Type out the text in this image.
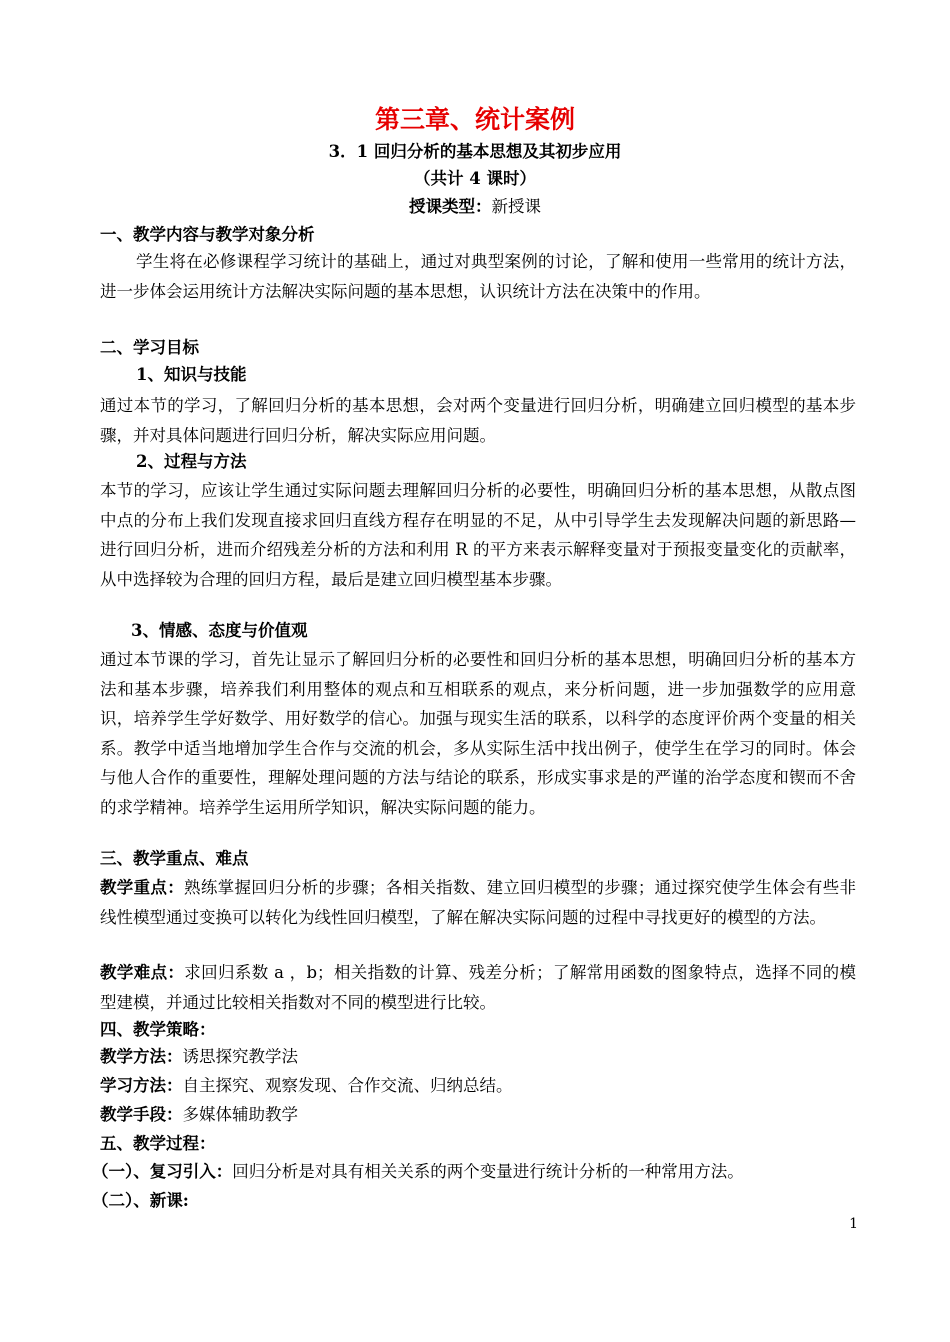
第三章、统计案例
3．1 回归分析的基本思想及其初步应用
（共计 4 课时）
授课类型：新授课
一、教学内容与教学对象分析
学生将在必修课程学习统计的基础上，通过对典型案例的讨论，了解和使用一些常用的统计方法，进一步体会运用统计方法解决实际问题的基本思想，认识统计方法在决策中的作用。
二、学习目标
1、知识与技能
通过本节的学习，了解回归分析的基本思想，会对两个变量进行回归分析，明确建立回归模型的基本步骤，并对具体问题进行回归分析，解决实际应用问题。
2、过程与方法
本节的学习，应该让学生通过实际问题去理解回归分析的必要性，明确回归分析的基本思想，从散点图中点的分布上我们发现直接求回归直线方程存在明显的不足，从中引导学生去发现解决问题的新思路—进行回归分析，进而介绍残差分析的方法和利用 R 的平方来表示解释变量对于预报变量变化的贡献率，从中选择较为合理的回归方程，最后是建立回归模型基本步骤。
3、情感、态度与价值观
通过本节课的学习，首先让显示了解回归分析的必要性和回归分析的基本思想，明确回归分析的基本方法和基本步骤，培养我们利用整体的观点和互相联系的观点，来分析问题，进一步加强数学的应用意识，培养学生学好数学、用好数学的信心。加强与现实生活的联系，以科学的态度评价两个变量的相关系。教学中适当地增加学生合作与交流的机会，多从实际生活中找出例子，使学生在学习的同时。体会与他人合作的重要性，理解处理问题的方法与结论的联系，形成实事求是的严谨的治学态度和锲而不舍的求学精神。培养学生运用所学知识，解决实际问题的能力。
三、教学重点、难点
教学重点：熟练掌握回归分析的步骤；各相关指数、建立回归模型的步骤；通过探究使学生体会有些非线性模型通过变换可以转化为线性回归模型，了解在解决实际问题的过程中寻找更好的模型的方法。
教学难点：求回归系数 a ，b；相关指数的计算、残差分析；了解常用函数的图象特点，选择不同的模型建模，并通过比较相关指数对不同的模型进行比较。
四、教学策略：
教学方法：诱思探究教学法
学习方法：自主探究、观察发现、合作交流、归纳总结。
教学手段：多媒体辅助教学
五、教学过程：
（一）、复习引入：回归分析是对具有相关关系的两个变量进行统计分析的一种常用方法。
（二）、新课:
1
